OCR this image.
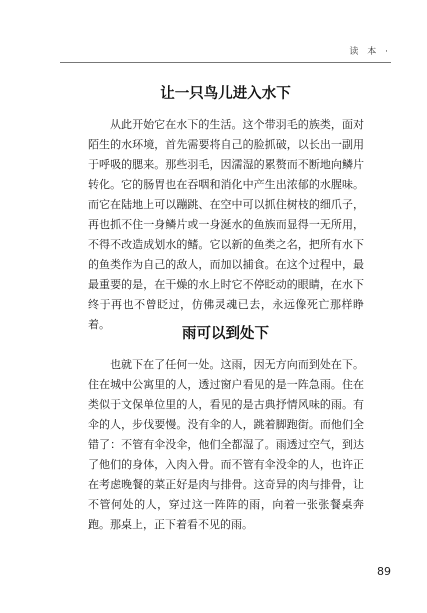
读 本 ·
让一只鸟儿进入水下

从此开始它在水下的生活。这个带羽毛的族类，面对陌生的水环境，首先需要将自己的脸抓破，以长出一副用于呼吸的腮来。那些羽毛，因濡湿的累赘而不断地向鳞片转化。它的肠胃也在吞咽和消化中产生出浓郁的水腥味。而它在陆地上可以蹦跳、在空中可以抓住树枝的细爪子，再也抓不住一身鳞片或一身涎水的鱼族而显得一无所用，不得不改造成划水的鳍。它以新的鱼类之名，把所有水下的鱼类作为自己的敌人，而加以捕食。在这个过程中，最最重要的是，在干燥的水上时它不停眨动的眼睛，在水下终于再也不曾眨过，仿佛灵魂已去，永远像死亡那样睁着。

雨可以到处下

也就下在了任何一处。这雨，因无方向而到处在下。住在城中公寓里的人，透过窗户看见的是一阵急雨。住在类似于文保单位里的人，看见的是古典抒情风味的雨。有伞的人，步伐要慢。没有伞的人，跳着脚跑街。而他们全错了：不管有伞没伞，他们全都湿了。雨透过空气，到达了他们的身体，入肉入骨。而不管有伞没伞的人，也许正在考虑晚餐的菜正好是肉与排骨。这奇异的肉与排骨，让不管何处的人，穿过这一阵阵的雨，向着一张张餐桌奔跑。那桌上，正下着看不见的雨。

89
